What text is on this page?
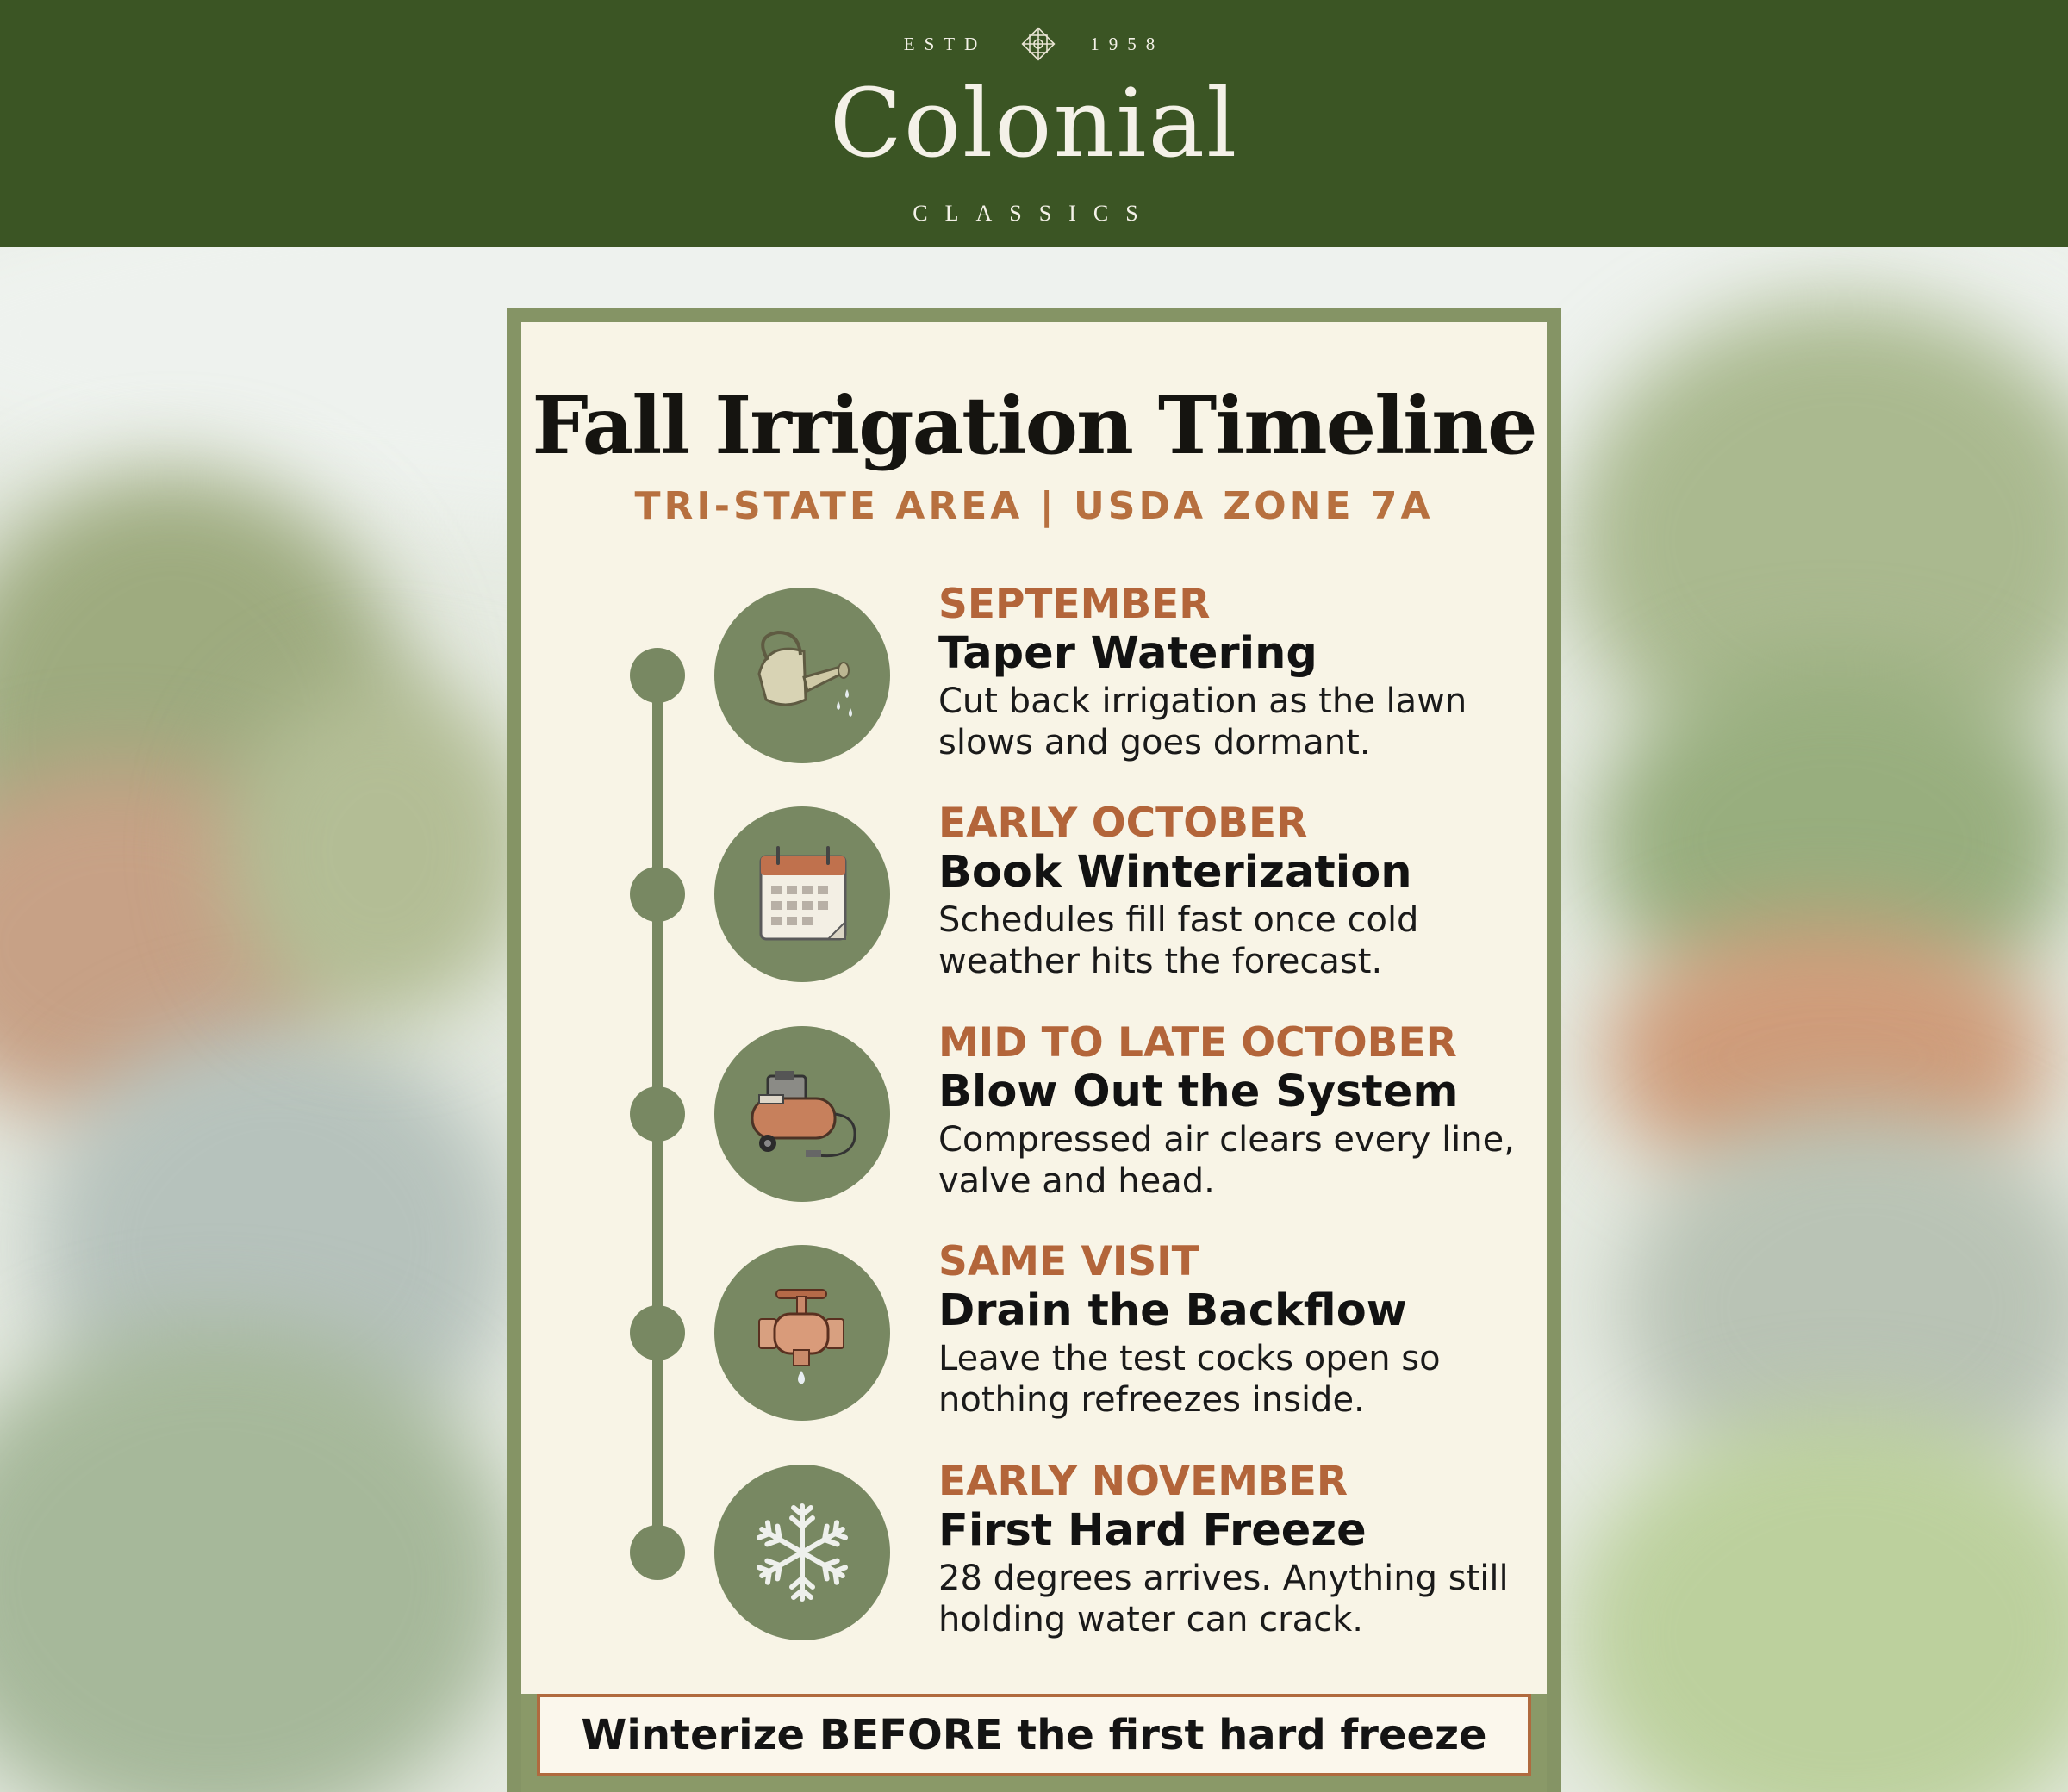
ESTD	1958
Colonial
CLASSICS
Fall Irrigation Timeline
TRI-STATE AREA | USDA ZONE 7A
SEPTEMBER
Taper Watering
Cut back irrigation as the lawn slows and goes dormant.
EARLY OCTOBER
Book Winterization
Schedules fill fast once cold weather hits the forecast.
MID TO LATE OCTOBER
Blow Out the System
Compressed air clears every line, valve and head.
SAME VISIT
Drain the Backflow
Leave the test cocks open so nothing refreezes inside.
EARLY NOVEMBER
First Hard Freeze
28 degrees arrives. Anything still holding water can crack.
Winterize BEFORE the first hard freeze
